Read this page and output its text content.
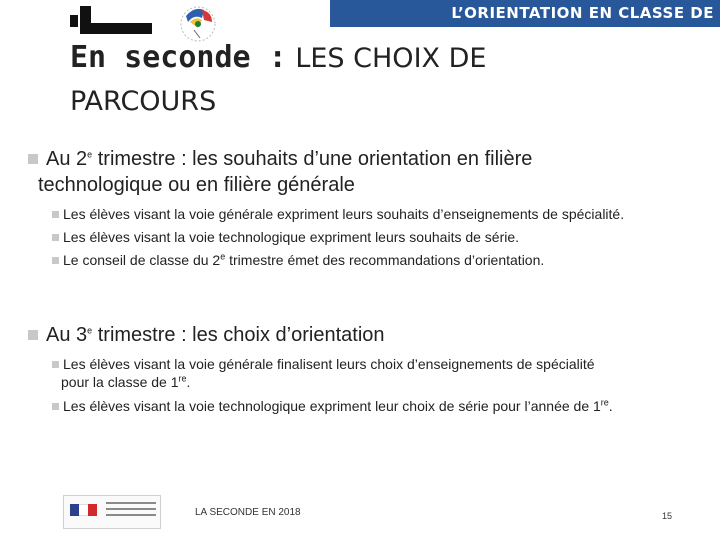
L’ORIENTATION EN CLASSE DE SECONDE
En seconde : LES CHOIX DE
PARCOURS
Au 2e trimestre : les souhaits d’une orientation en filière
technologique ou en filière générale
Les élèves visant la voie générale expriment leurs souhaits d’enseignements de spécialité.
Les élèves visant la voie technologique expriment leurs souhaits de série.
Le conseil de classe du 2e trimestre émet des recommandations d’orientation.
Au 3e trimestre : les choix d’orientation
Les élèves visant la voie générale finalisent leurs choix d’enseignements de spécialité
pour la classe de 1re.
Les élèves visant la voie technologique expriment leur choix de série pour l’année de 1re.
LA SECONDE EN 2018	15
